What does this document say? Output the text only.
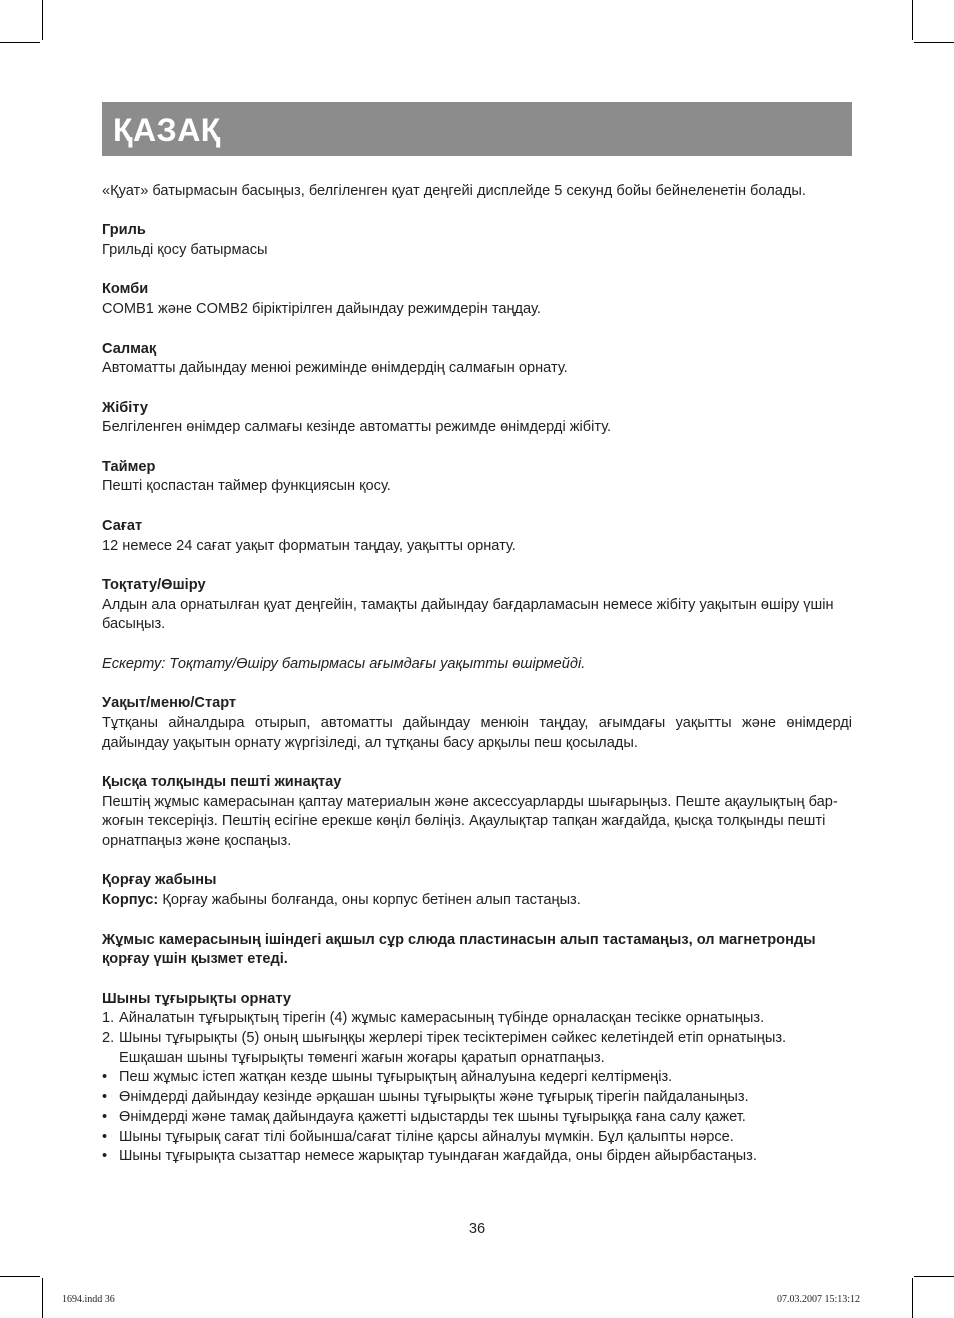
ҚАЗАҚ

«Қуат» батырмасын басыңыз, белгіленген қуат деңгейі дисплейде 5 секунд бойы бейнеленетін болады.

Гриль

Грильді қосу батырмасы

Комби

COMB1 және COMB2 біріктірілген дайындау режимдерін таңдау.

Салмақ

Автоматты дайындау менюі режимінде өнімдердің салмағын орнату.

Жібіту

Белгіленген өнімдер салмағы кезінде автоматты режимде өнімдерді жібіту.

Таймер

Пешті қоспастан таймер функциясын қосу.

Сағат

12 немесе 24 сағат уақыт форматын таңдау, уақытты орнату.

Тоқтату/Өшіру

Алдын ала орнатылған қуат деңгейін, тамақты дайындау бағдарламасын немесе жібіту уақытын өшіру үшін басыңыз.

Ескерту: Тоқтату/Өшіру батырмасы ағымдағы уақытты өшірмейді.

Уақыт/меню/Старт

Тұтқаны айналдыра отырып, автоматты дайындау менюін таңдау, ағымдағы уақытты және өнімдерді дайындау уақытын орнату жүргізіледі, ал тұтқаны басу арқылы пеш қосылады.

Қысқа толқынды пешті жинақтау

Пештің жұмыс камерасынан қаптау материалын және аксессуарларды шығарыңыз. Пеште ақаулықтың бар-жоғын тексеріңіз. Пештің есігіне ерекше көңіл бөліңіз. Ақаулықтар тапқан жағдайда, қысқа толқынды пешті орнатпаңыз және қоспаңыз.

Қорғау жабыны

Корпус: Қорғау жабыны болғанда, оны корпус бетінен алып тастаңыз.

Жұмыс камерасының ішіндегі ақшыл сұр слюда пластинасын алып тастамаңыз, ол магнетронды қорғау үшін қызмет етеді.

Шыны тұғырықты орнату

1. Айналатын тұғырықтың тірегін (4) жұмыс камерасының түбінде орналасқан тесікке орнатыңыз.
2. Шыны тұғырықты (5) оның шығыңқы жерлері тірек тесіктерімен сәйкес келетіндей етіп орнатыңыз. Ешқашан шыны тұғырықты төменгі жағын жоғары қаратып орнатпаңыз.
• Пеш жұмыс істеп жатқан кезде шыны тұғырықтың айналуына кедергі келтірмеңіз.
• Өнімдерді дайындау кезінде әрқашан шыны тұғырықты және тұғырық тірегін пайдаланыңыз.
• Өнімдерді және тамақ дайындауға қажетті ыдыстарды тек шыны тұғырыққа ғана салу қажет.
• Шыны тұғырық сағат тілі бойынша/сағат тіліне қарсы айналуы мүмкін. Бұл қалыпты нәрсе.
• Шыны тұғырықта сызаттар немесе жарықтар туындаған жағдайда, оны бірден айырбастаңыз.
36
1694.indd 36	07.03.2007 15:13:12
